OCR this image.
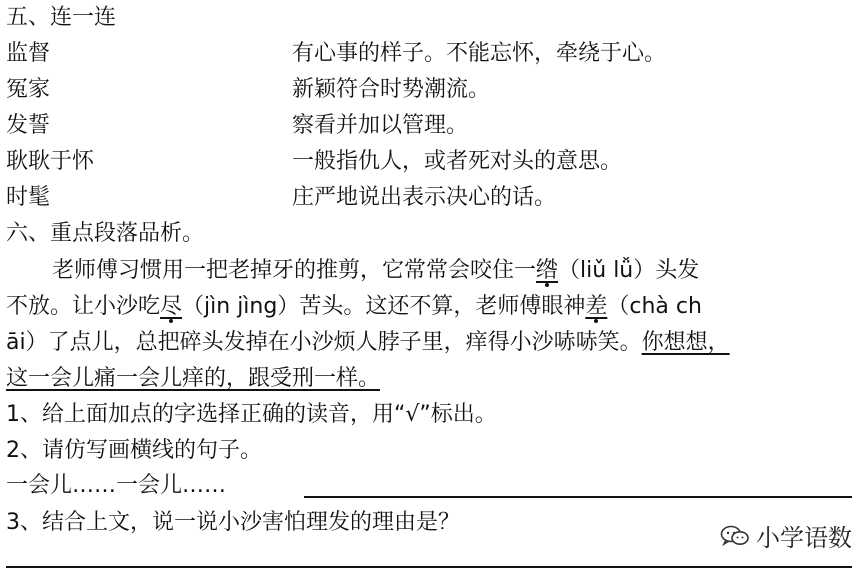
五、连一连
监督	有心事的样子。不能忘怀，牵绕于心。
冤家	新颖符合时势潮流。
发誓	察看并加以管理。
耿耿于怀	一般指仇人，或者死对头的意思。
时髦	庄严地说出表示决心的话。
六、重点段落品析。
老师傅习惯用一把老掉牙的推剪，它常常会咬住一绺（liǔ lǚ）头发
不放。让小沙吃尽（jìn jìng）苦头。这还不算，老师傅眼神差（chà ch
āi）了点儿，总把碎头发掉在小沙烦人脖子里，痒得小沙哧哧笑。你想想，
这一会儿痛一会儿痒的，跟受刑一样。
1、给上面加点的字选择正确的读音，用“√”标出。
2、请仿写画横线的句子。
一会儿……一会儿……
3、结合上文，说一说小沙害怕理发的理由是？
小学语数
